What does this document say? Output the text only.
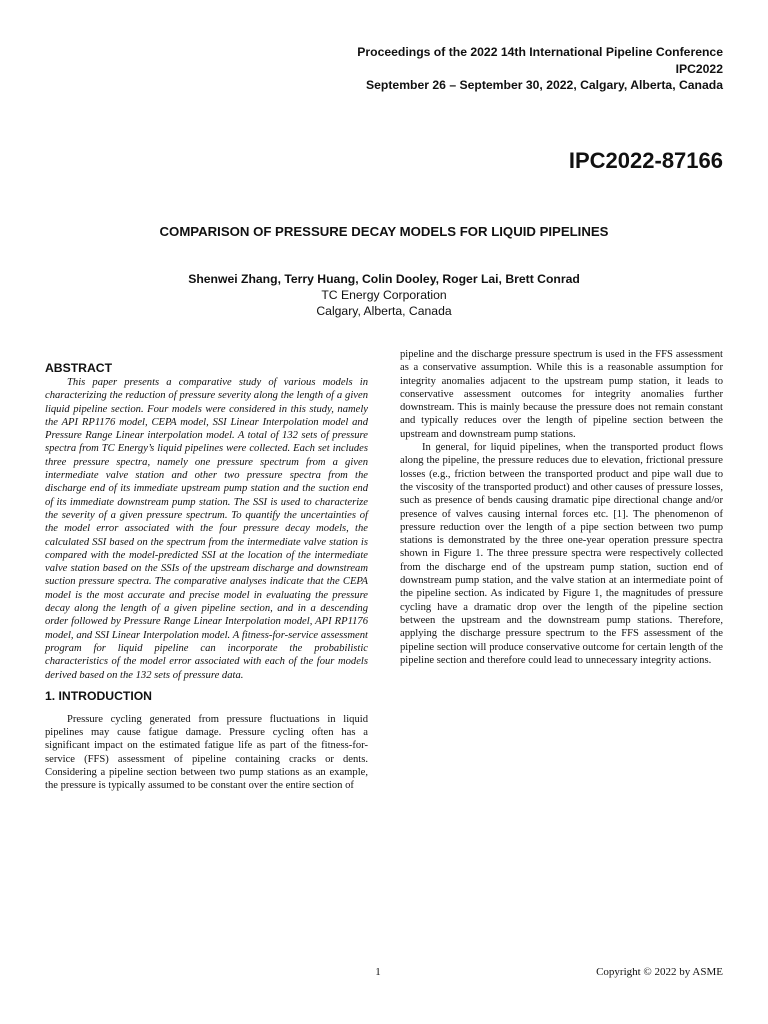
Proceedings of the 2022 14th International Pipeline Conference
IPC2022
September 26 – September 30, 2022, Calgary, Alberta, Canada
IPC2022-87166
COMPARISON OF PRESSURE DECAY MODELS FOR LIQUID PIPELINES
Shenwei Zhang, Terry Huang, Colin Dooley, Roger Lai, Brett Conrad
TC Energy Corporation
Calgary, Alberta, Canada
ABSTRACT

This paper presents a comparative study of various models in characterizing the reduction of pressure severity along the length of a given liquid pipeline section. Four models were considered in this study, namely the API RP1176 model, CEPA model, SSI Linear Interpolation model and Pressure Range Linear interpolation model. A total of 132 sets of pressure spectra from TC Energy’s liquid pipelines were collected. Each set includes three pressure spectra, namely one pressure spectrum from a given intermediate valve station and other two pressure spectra from the discharge end of its immediate upstream pump station and the suction end of its immediate downstream pump station. The SSI is used to characterize the severity of a given pressure spectrum. To quantify the uncertainties of the model error associated with the four pressure decay models, the calculated SSI based on the spectrum from the intermediate valve station is compared with the model-predicted SSI at the location of the intermediate valve station based on the SSIs of the upstream discharge and downstream suction pressure spectra. The comparative analyses indicate that the CEPA model is the most accurate and precise model in evaluating the pressure decay along the length of a given pipeline section, and in a descending order followed by Pressure Range Linear Interpolation model, API RP1176 model, and SSI Linear Interpolation model. A fitness-for-service assessment program for liquid pipeline can incorporate the probabilistic characteristics of the model error associated with each of the four models derived based on the 132 sets of pressure data.

1. INTRODUCTION

Pressure cycling generated from pressure fluctuations in liquid pipelines may cause fatigue damage. Pressure cycling often has a significant impact on the estimated fatigue life as part of the fitness-for-service (FFS) assessment of pipeline containing cracks or dents. Considering a pipeline section between two pump stations as an example, the pressure is typically assumed to be constant over the entire section of

pipeline and the discharge pressure spectrum is used in the FFS assessment as a conservative assumption. While this is a reasonable assumption for integrity anomalies adjacent to the upstream pump station, it leads to conservative assessment outcomes for integrity anomalies further downstream. This is mainly because the pressure does not remain constant and typically reduces over the length of pipeline section between the upstream and downstream pump stations.

In general, for liquid pipelines, when the transported product flows along the pipeline, the pressure reduces due to elevation, frictional pressure losses (e.g., friction between the transported product and pipe wall due to the viscosity of the transported product) and other causes of pressure losses, such as presence of bends causing dramatic pipe directional change and/or presence of valves causing internal forces etc. [1]. The phenomenon of pressure reduction over the length of a pipe section between two pump stations is demonstrated by the three one-year operation pressure spectra shown in Figure 1. The three pressure spectra were respectively collected from the discharge end of the upstream pump station, suction end of downstream pump station, and the valve station at an intermediate point of the pipeline section. As indicated by Figure 1, the magnitudes of pressure cycling have a dramatic drop over the length of the pipeline section between the upstream and the downstream pump stations. Therefore, applying the discharge pressure spectrum to the FFS assessment of the pipeline section will produce conservative outcome for certain length of the pipeline section and therefore could lead to unnecessary integrity actions.

1	Copyright © 2022 by ASME
